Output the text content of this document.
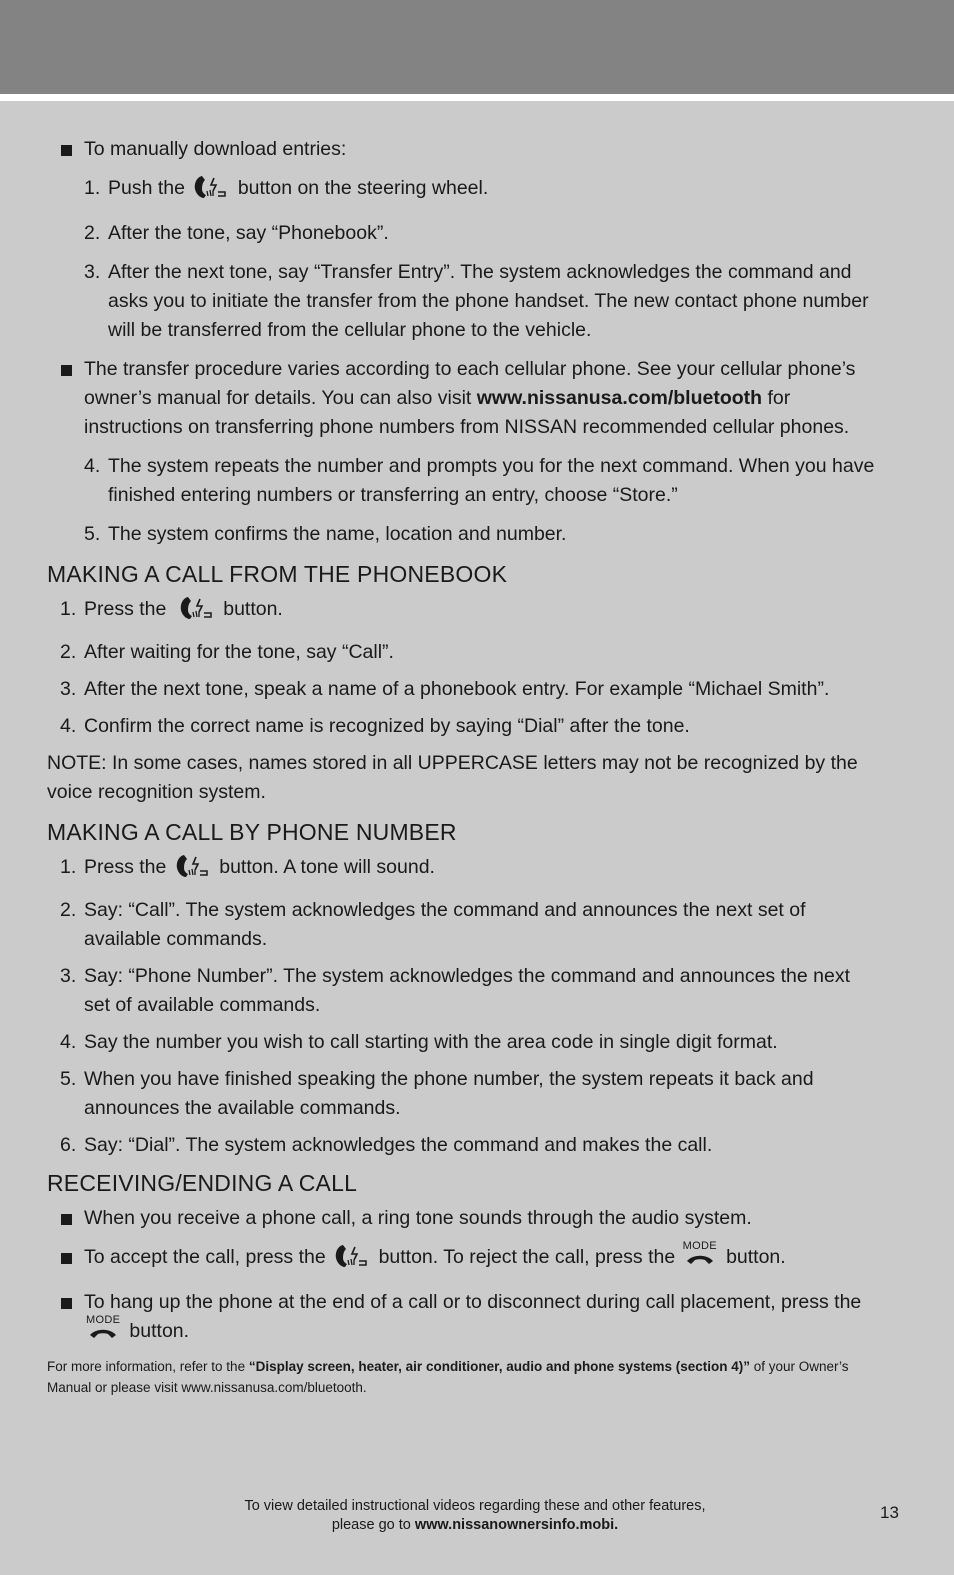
To manually download entries:
1. Push the	button on the steering wheel.
2. After the tone, say “Phonebook”.
3. After the next tone, say “Transfer Entry”. The system acknowledges the command and asks you to initiate the transfer from the phone handset. The new contact phone number will be transferred from the cellular phone to the vehicle.
The transfer procedure varies according to each cellular phone. See your cellular phone’s owner’s manual for details. You can also visit www.nissanusa.com/bluetooth for instructions on transferring phone numbers from NISSAN recommended cellular phones.
4. The system repeats the number and prompts you for the next command. When you have finished entering numbers or transferring an entry, choose “Store.”
5. The system confirms the name, location and number.
MAKING A CALL FROM THE PHONEBOOK
1. Press the	button.
2. After waiting for the tone, say “Call”.
3. After the next tone, speak a name of a phonebook entry. For example “Michael Smith”.
4. Confirm the correct name is recognized by saying “Dial” after the tone.
NOTE: In some cases, names stored in all UPPERCASE letters may not be recognized by the voice recognition system.
MAKING A CALL BY PHONE NUMBER
1. Press the	button. A tone will sound.
2. Say: “Call”. The system acknowledges the command and announces the next set of available commands.
3. Say: “Phone Number”. The system acknowledges the command and announces the next set of available commands.
4. Say the number you wish to call starting with the area code in single digit format.
5. When you have finished speaking the phone number, the system repeats it back and announces the available commands.
6. Say: “Dial”. The system acknowledges the command and makes the call.
RECEIVING/ENDING A CALL
When you receive a phone call, a ring tone sounds through the audio system.
To accept the call, press the	button. To reject the call, press the MODE button.
To hang up the phone at the end of a call or to disconnect during call placement, press the
MODE button.
For more information, refer to the “Display screen, heater, air conditioner, audio and phone systems (section 4)” of your Owner’s Manual or please visit www.nissanusa.com/bluetooth.
To view detailed instructional videos regarding these and other features,
please go to www.nissanownersinfo.mobi.
13
